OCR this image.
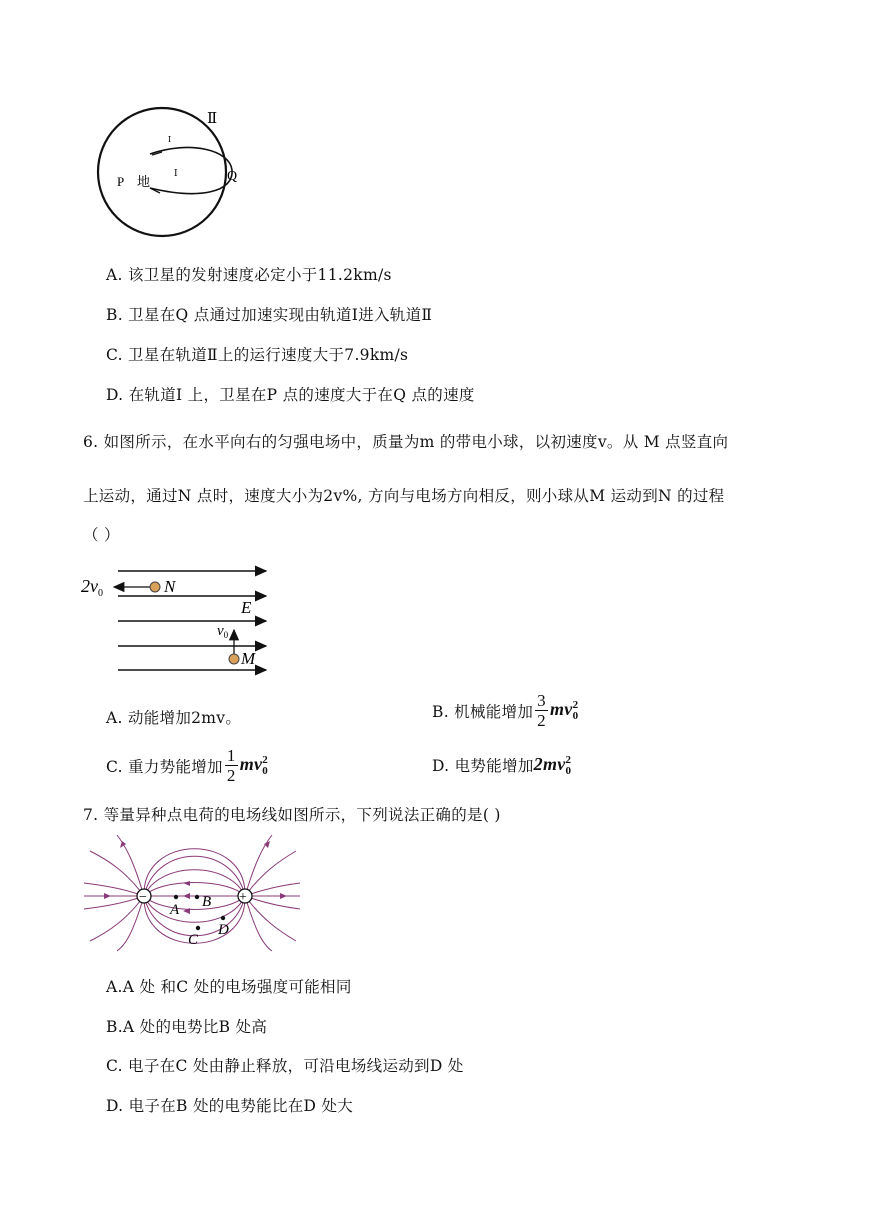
Ⅱ
Ⅰ
Ⅰ
P 地	Q
A. 该卫星的发射速度必定小于11.2km/s
B. 卫星在Q 点通过加速实现由轨道Ⅰ进入轨道Ⅱ
C. 卫星在轨道Ⅱ上的运行速度大于7.9km/s
D. 在轨道Ⅰ 上，卫星在P 点的速度大于在Q 点的速度
6. 如图所示，在水平向右的匀强电场中，质量为m 的带电小球，以初速度v。从 M 点竖直向
上运动，通过N 点时，速度大小为2v%, 方向与电场方向相反，则小球从M 运动到N 的过程
（ ）
$2v_0$	N
E
$v_0$
M
A. 动能增加2mv。	B. 机械能增加 $\frac{3}{2}$ mv 2
0
C. 重力势能增加 $\frac{1}{2}$ mv 2
0	D. 电势能增加 2mv 2
0
7. 等量异种点电荷的电场线如图所示，下列说法正确的是( )
−	+
A B
C
D
A.A 处 和C 处的电场强度可能相同
B.A 处的电势比B 处高
C. 电子在C 处由静止释放，可沿电场线运动到D 处
D. 电子在B 处的电势能比在D 处大
